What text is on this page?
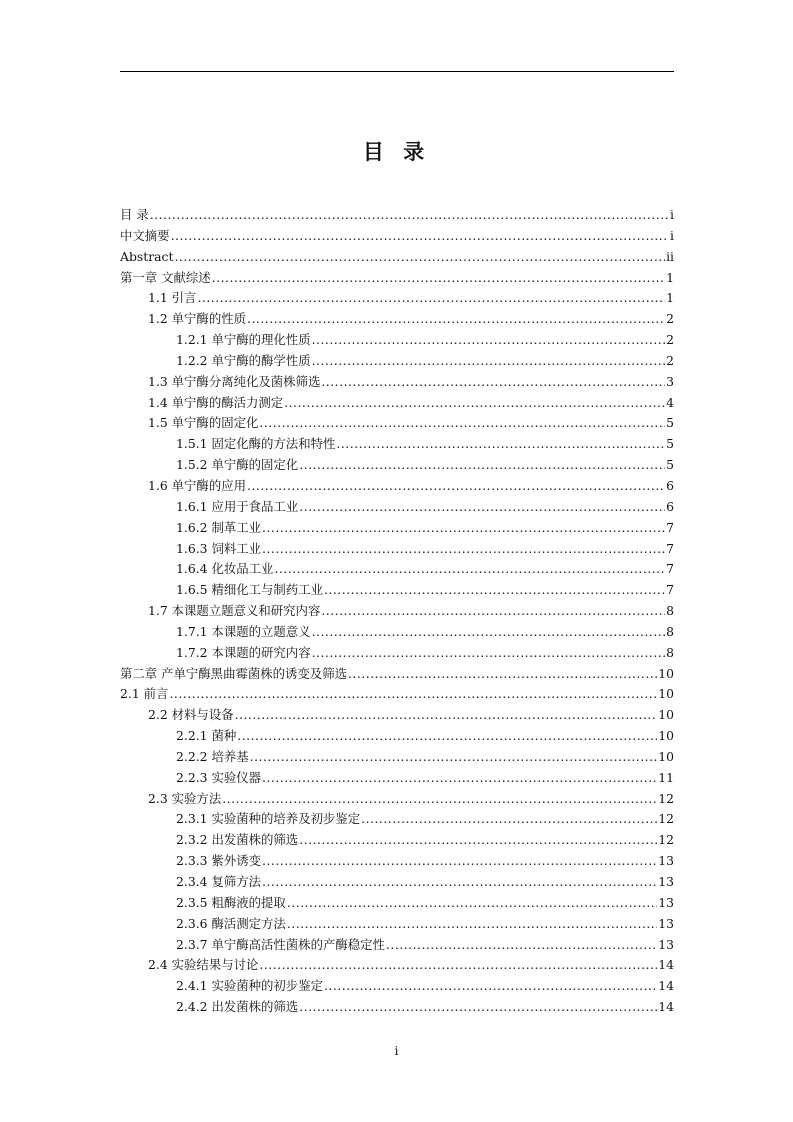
目 录
目 录 .....	i
中文摘要 .....	i
Abstract .....	ii
第一章 文献综述 .....	1
1.1 引言 .....	1
1.2 单宁酶的性质 .....	2
1.2.1 单宁酶的理化性质 .....	2
1.2.2 单宁酶的酶学性质 .....	2
1.3 单宁酶分离纯化及菌株筛选 .....	3
1.4 单宁酶的酶活力测定 .....	4
1.5 单宁酶的固定化 .....	5
1.5.1 固定化酶的方法和特性 .....	5
1.5.2 单宁酶的固定化 .....	5
1.6 单宁酶的应用 .....	6
1.6.1 应用于食品工业 .....	6
1.6.2 制革工业 .....	7
1.6.3 饲料工业 .....	7
1.6.4 化妆品工业 .....	7
1.6.5 精细化工与制药工业 .....	7
1.7 本课题立题意义和研究内容 .....	8
1.7.1 本课题的立题意义 .....	8
1.7.2 本课题的研究内容 .....	8
第二章 产单宁酶黑曲霉菌株的诱变及筛选 .....	10
2.1 前言 .....	10
2.2 材料与设备 .....	10
2.2.1 菌种 .....	10
2.2.2 培养基 .....	10
2.2.3 实验仪器 .....	11
2.3 实验方法 .....	12
2.3.1 实验菌种的培养及初步鉴定 .....	12
2.3.2 出发菌株的筛选 .....	12
2.3.3 紫外诱变 .....	13
2.3.4 复筛方法 .....	13
2.3.5 粗酶液的提取 .....	13
2.3.6 酶活测定方法 .....	13
2.3.7 单宁酶高活性菌株的产酶稳定性 .....	13
2.4 实验结果与讨论 .....	14
2.4.1 实验菌种的初步鉴定 .....	14
2.4.2 出发菌株的筛选 .....	14
i
